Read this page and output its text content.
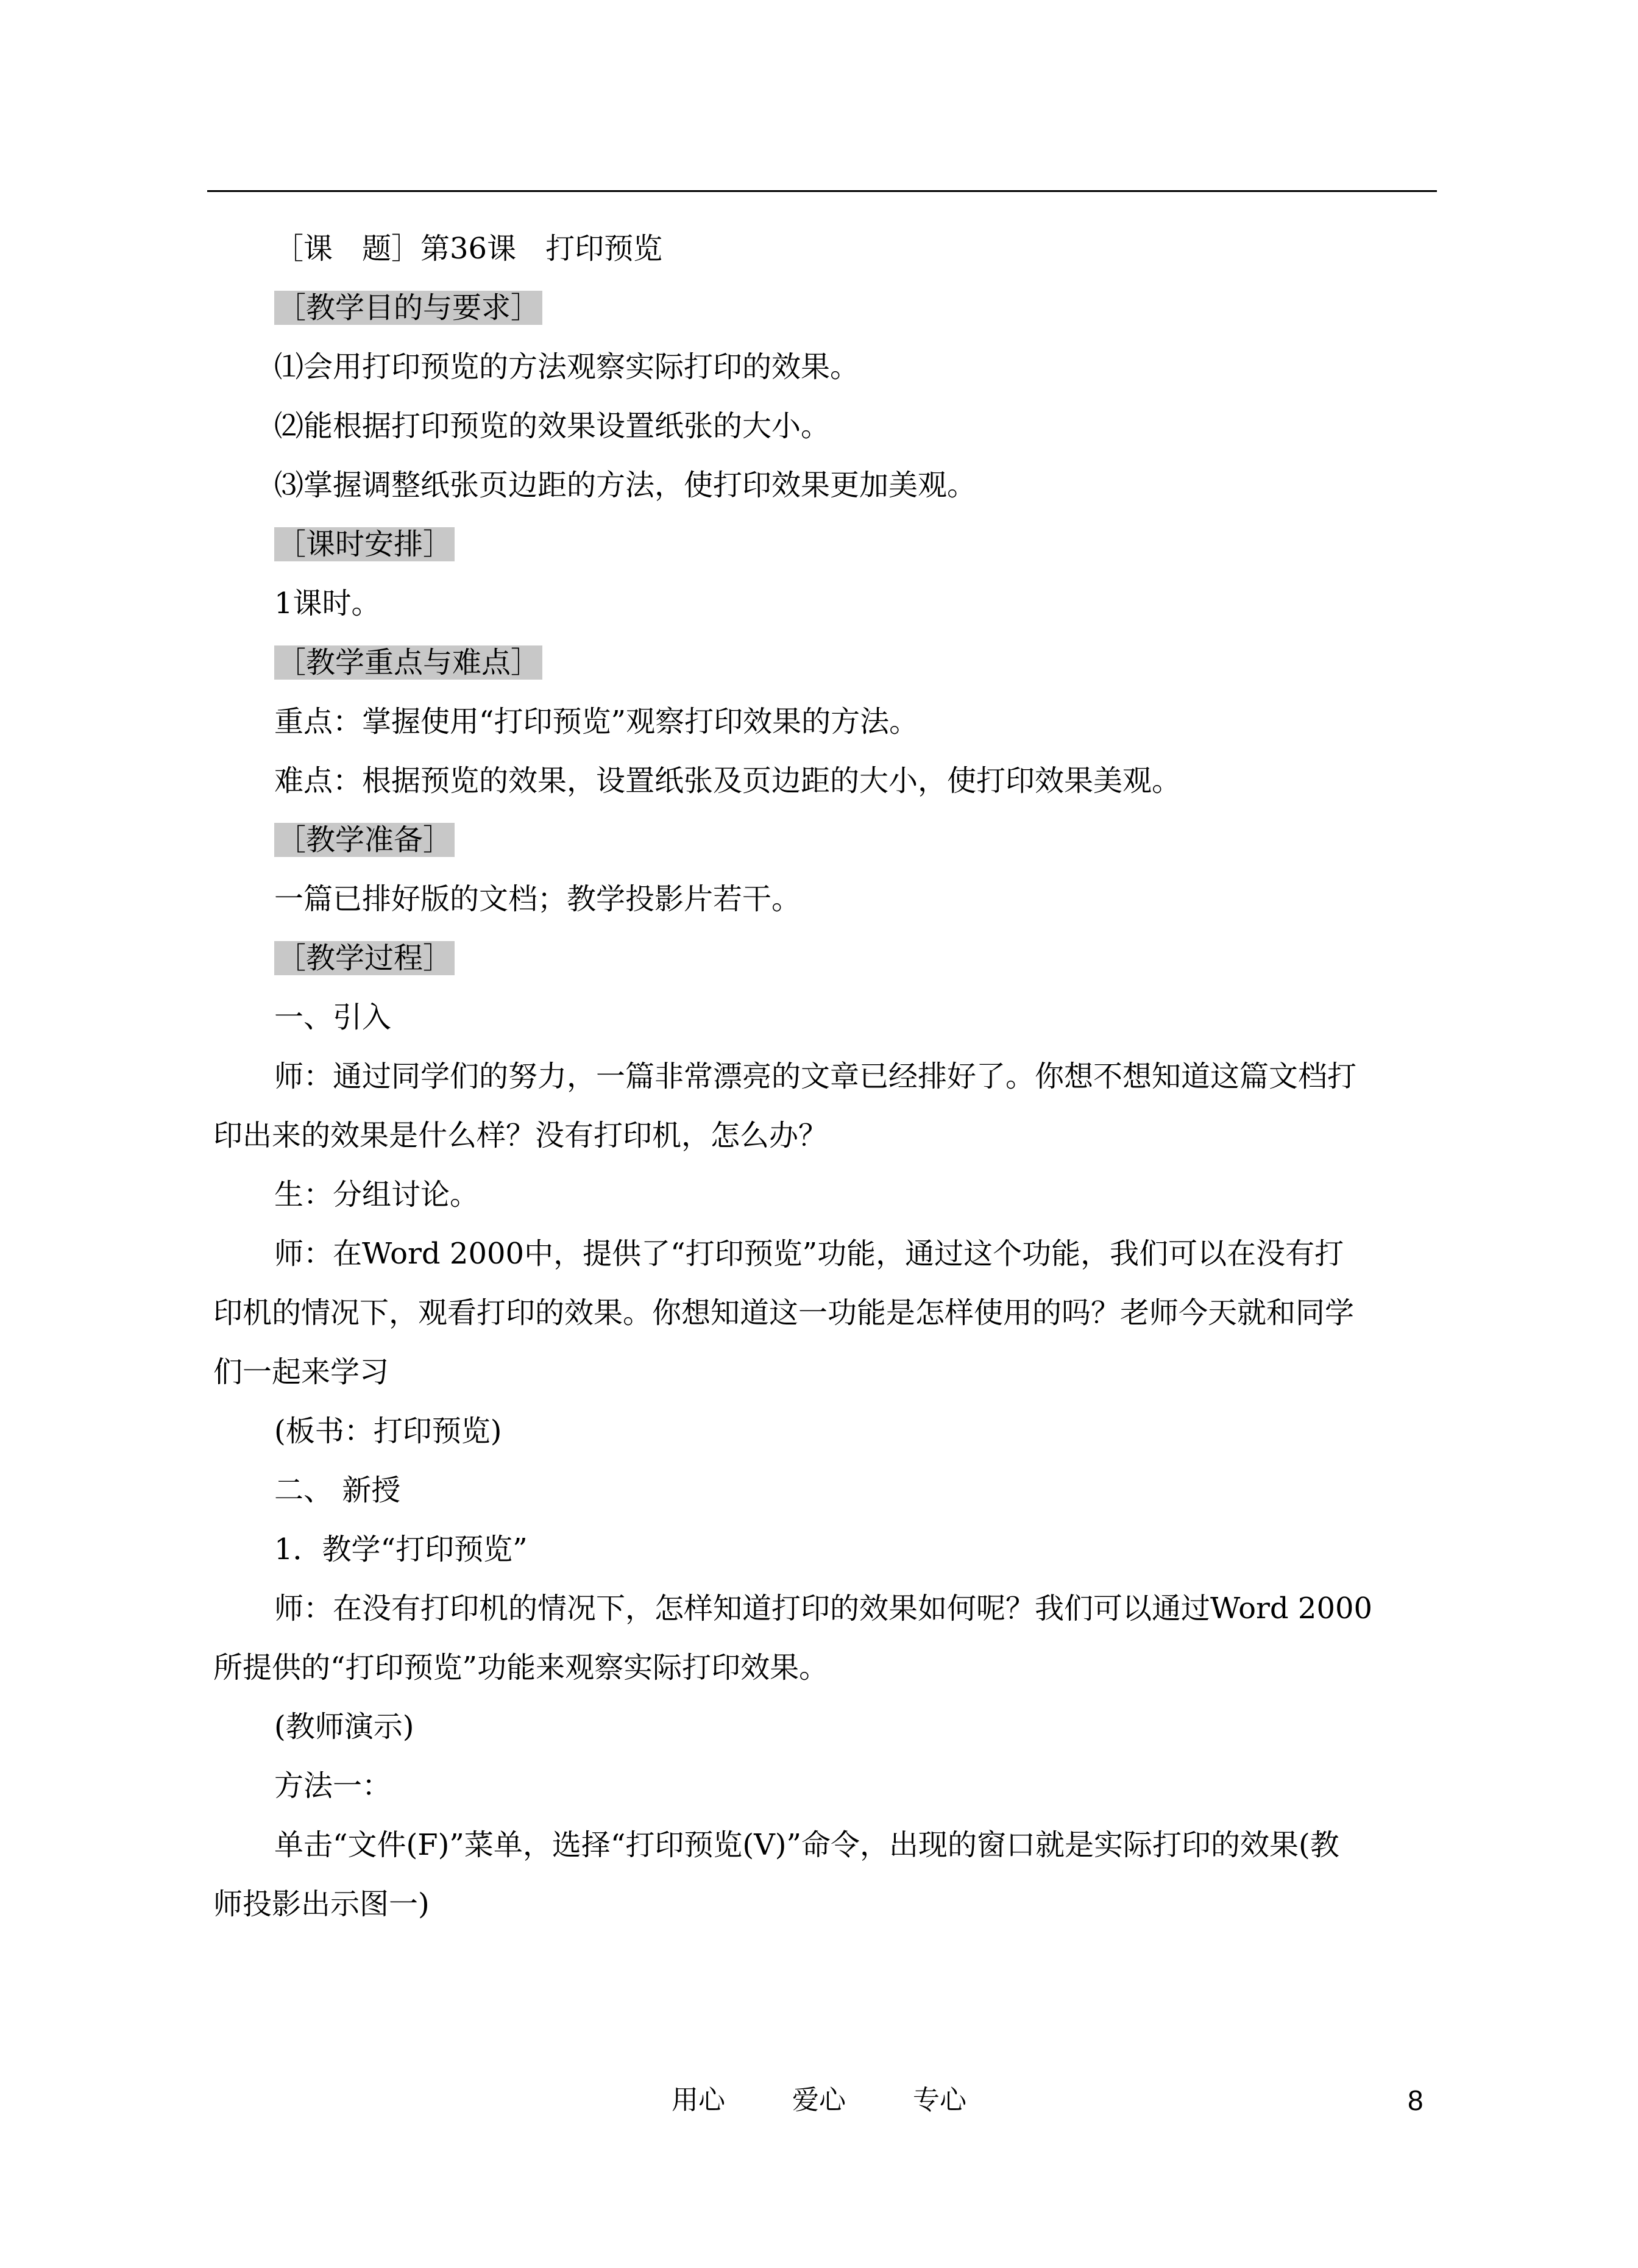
［课　题］第36课　打印预览
［教学目的与要求］
⑴会用打印预览的方法观察实际打印的效果。
⑵能根据打印预览的效果设置纸张的大小。
⑶掌握调整纸张页边距的方法，使打印效果更加美观。
［课时安排］
1课时。
［教学重点与难点］
重点：掌握使用“打印预览”观察打印效果的方法。
难点：根据预览的效果，设置纸张及页边距的大小，使打印效果美观。
［教学准备］
一篇已排好版的文档；教学投影片若干。
［教学过程］
一、引入
师：通过同学们的努力，一篇非常漂亮的文章已经排好了。你想不想知道这篇文档打
印出来的效果是什么样？没有打印机，怎么办？
生：分组讨论。
师：在Word 2000中，提供了“打印预览”功能，通过这个功能，我们可以在没有打
印机的情况下，观看打印的效果。你想知道这一功能是怎样使用的吗？老师今天就和同学
们一起来学习
(板书：打印预览)
二、 新授
1．教学“打印预览”
师：在没有打印机的情况下，怎样知道打印的效果如何呢？我们可以通过Word 2000
所提供的“打印预览”功能来观察实际打印效果。
(教师演示)
方法一：
单击“文件(F)”菜单，选择“打印预览(V)”命令，出现的窗口就是实际打印的效果(教
师投影出示图一)
用心	爱心	专心	8
